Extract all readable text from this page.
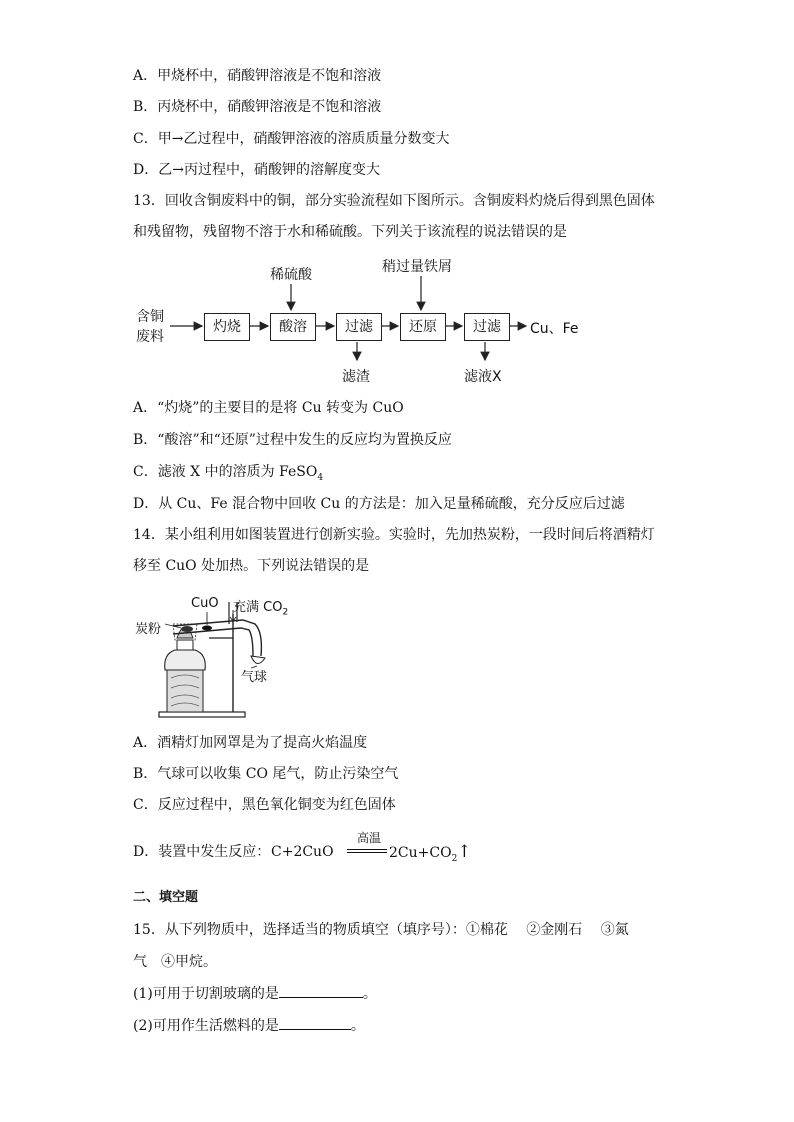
A．甲烧杯中，硝酸钾溶液是不饱和溶液
B．丙烧杯中，硝酸钾溶液是不饱和溶液
C．甲→乙过程中，硝酸钾溶液的溶质质量分数变大
D．乙→丙过程中，硝酸钾的溶解度变大
13．回收含铜废料中的铜，部分实验流程如下图所示。含铜废料灼烧后得到黑色固体
和残留物，残留物不溶于水和稀硫酸。下列关于该流程的说法错误的是
含铜
废料
灼烧	酸溶	过滤	还原	过滤
稀硫酸	稍过量铁屑
滤渣	滤液X
Cu、Fe
A．“灼烧”的主要目的是将 Cu 转变为 CuO
B．“酸溶”和“还原”过程中发生的反应均为置换反应
C．滤液 X 中的溶质为 FeSO$_4$
D．从 Cu、Fe 混合物中回收 Cu 的方法是：加入足量稀硫酸，充分反应后过滤
14．某小组利用如图装置进行创新实验。实验时，先加热炭粉，一段时间后将酒精灯
移至 CuO 处加热。下列说法错误的是
CuO 充满 $CO_2$
炭粉
气球
A．酒精灯加网罩是为了提高火焰温度
B．气球可以收集 CO 尾气，防止污染空气
C．反应过程中，黑色氧化铜变为红色固体
D．装置中发生反应： C+2CuO
高温
$2Cu+CO_2↑$
二、填空题
15．从下列物质中，选择适当的物质填空（填序号）：①棉花　 ②金刚石　 ③氮
气　④甲烷。
(1)可用于切割玻璃的是	。
(2)可用作生活燃料的是	。
